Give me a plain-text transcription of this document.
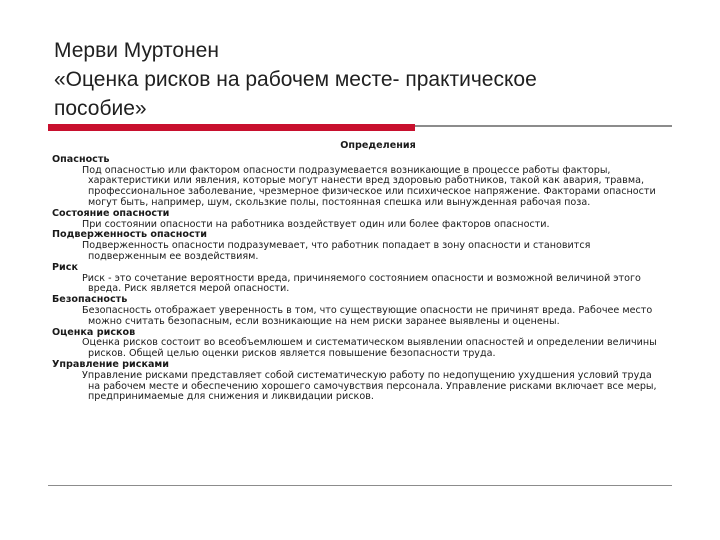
Мерви Муртонен
«Оценка рисков на рабочем месте- практическое
пособие»
Определения
Опасность
Под опасностью или фактором опасности подразумевается возникающие в процессе работы факторы, характеристики или явления, которые могут нанести вред здоровью работников, такой как авария, травма, профессиональное заболевание, чрезмерное физическое или психическое напряжение. Факторами опасности могут быть, например, шум, скользкие полы, постоянная спешка или вынужденная рабочая поза.
Состояние опасности
При состоянии опасности на работника воздействует один или более факторов опасности.
Подверженность опасности
Подверженность опасности подразумевает, что работник попадает в зону опасности и становится подверженным ее воздействиям.
Риск
Риск - это сочетание вероятности вреда, причиняемого состоянием опасности и возможной величиной этого вреда. Риск является мерой опасности.
Безопасность
Безопасность отображает уверенность в том, что существующие опасности не причинят вреда. Рабочее место можно считать безопасным, если возникающие на нем риски заранее выявлены и оценены.
Оценка рисков
Оценка рисков состоит во всеобъемлюшем и систематическом выявлении опасностей и определении величины рисков. Общей целью оценки рисков является повышение безопасности труда.
Управление рисками
Управление рисками представляет собой систематическую работу по недопущению ухудшения условий труда на рабочем месте и обеспечению хорошего самочувствия персонала. Управление рисками включает все меры, предпринимаемые для снижения и ликвидации рисков.
